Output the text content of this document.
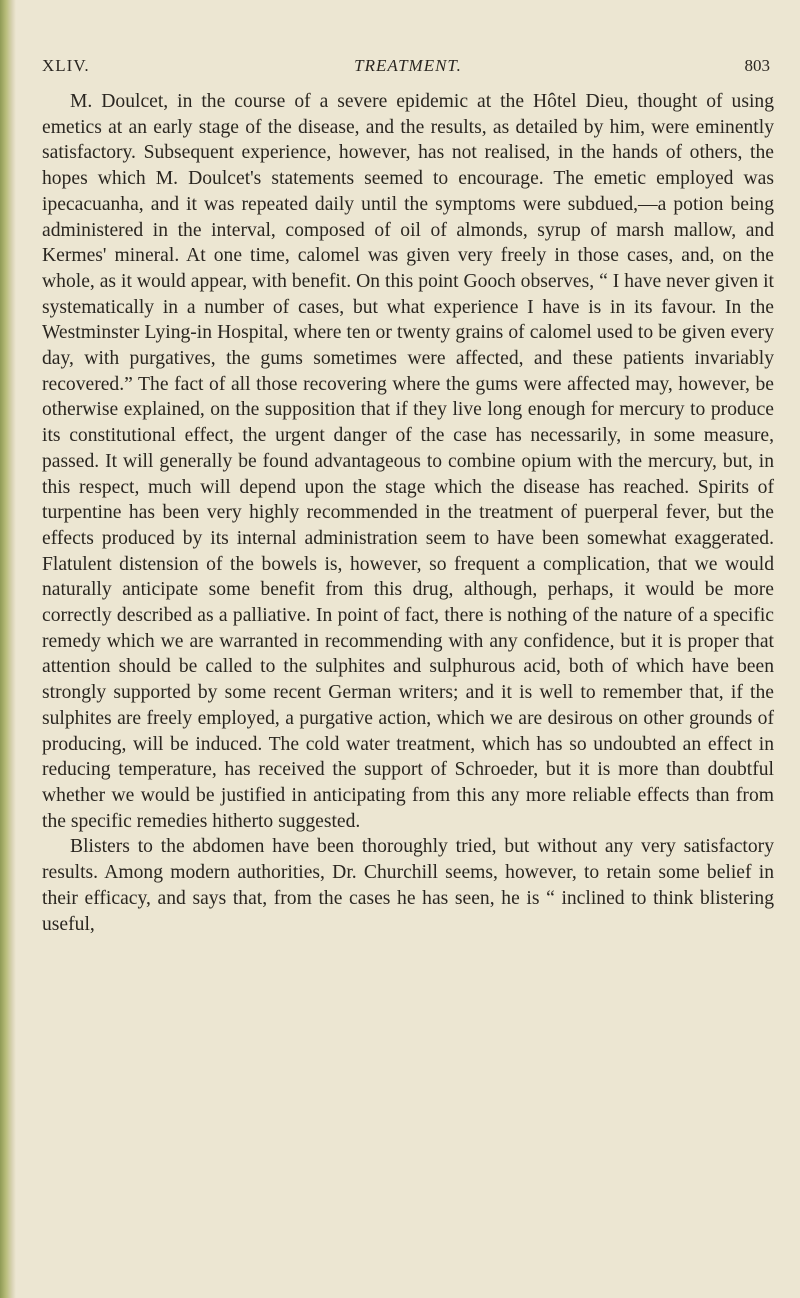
XLIV.	TREATMENT.	803

M. Doulcet, in the course of a severe epidemic at the Hôtel Dieu, thought of using emetics at an early stage of the disease, and the results, as detailed by him, were eminently satisfactory. Subsequent experience, however, has not realised, in the hands of others, the hopes which M. Doulcet's statements seemed to encourage. The emetic employed was ipecacuanha, and it was repeated daily until the symptoms were subdued,—a potion being administered in the interval, composed of oil of almonds, syrup of marsh mallow, and Kermes' mineral. At one time, calomel was given very freely in those cases, and, on the whole, as it would appear, with benefit. On this point Gooch observes, “ I have never given it systematically in a number of cases, but what experience I have is in its favour. In the Westminster Lying-in Hospital, where ten or twenty grains of calomel used to be given every day, with purgatives, the gums sometimes were affected, and these patients invariably recovered.” The fact of all those recovering where the gums were affected may, however, be otherwise explained, on the supposition that if they live long enough for mercury to produce its constitutional effect, the urgent danger of the case has necessarily, in some measure, passed. It will generally be found advantageous to combine opium with the mercury, but, in this respect, much will depend upon the stage which the disease has reached. Spirits of turpentine has been very highly recommended in the treatment of puerperal fever, but the effects produced by its internal administration seem to have been somewhat exaggerated. Flatulent distension of the bowels is, however, so frequent a complication, that we would naturally anticipate some benefit from this drug, although, perhaps, it would be more correctly described as a palliative. In point of fact, there is nothing of the nature of a specific remedy which we are warranted in recommending with any confidence, but it is proper that attention should be called to the sulphites and sulphurous acid, both of which have been strongly supported by some recent German writers; and it is well to remember that, if the sulphites are freely employed, a purgative action, which we are desirous on other grounds of producing, will be induced. The cold water treatment, which has so undoubted an effect in reducing temperature, has received the support of Schroeder, but it is more than doubtful whether we would be justified in anticipating from this any more reliable effects than from the specific remedies hitherto suggested.

Blisters to the abdomen have been thoroughly tried, but without any very satisfactory results. Among modern authorities, Dr. Churchill seems, however, to retain some belief in their efficacy, and says that, from the cases he has seen, he is “ inclined to think blistering useful,
